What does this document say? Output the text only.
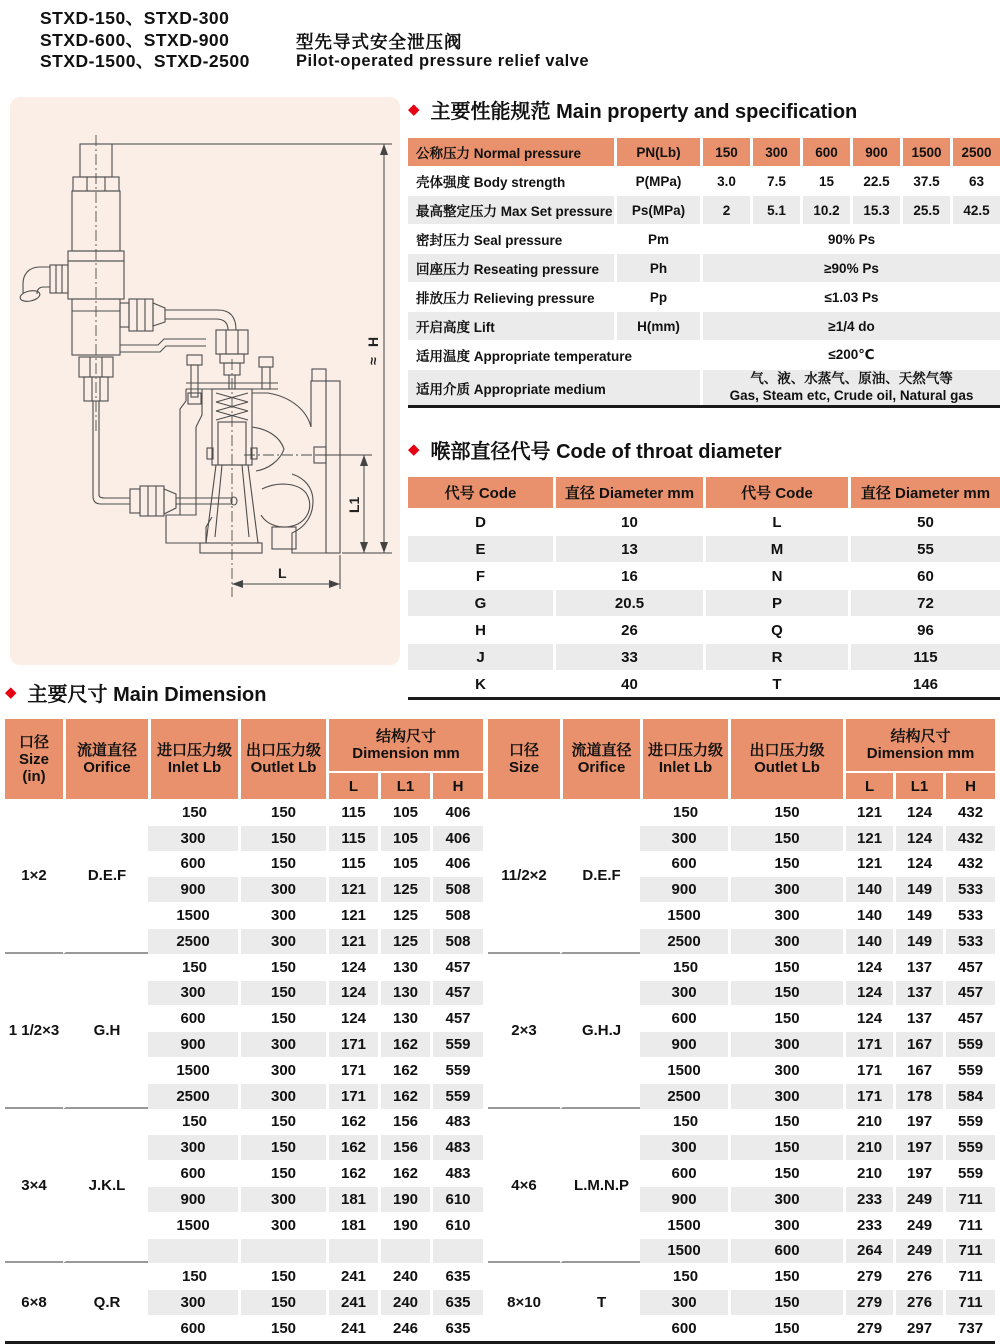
STXD-150、STXD-300
STXD-600、STXD-900
STXD-1500、STXD-2500
型先导式安全泄压阀
Pilot-operated pressure relief valve
H
≈
L1
L
◆ 主要性能规范 Main property and specification
公称压力 Normal pressure	PN(Lb)	150	300	600	900	1500	2500
壳体强度 Body strength	P(MPa)	3.0	7.5	15	22.5	37.5	63
最高整定压力 Max Set pressure	Ps(MPa)	2	5.1	10.2	15.3	25.5	42.5
密封压力 Seal pressure	Pm	90% Ps					
回座压力 Reseating pressure	Ph	≥90% Ps					
排放压力 Relieving pressure	Pp	≤1.03 Ps					
开启高度 Lift	H(mm)	≥1/4 do					
适用温度 Appropriate temperature		≤200℃					
适用介质 Appropriate medium		气、液、水蒸气、原油、天然气等
Gas, Steam etc, Crude oil, Natural gas					
◆ 喉部直径代号 Code of throat diameter
代号 Code	直径 Diameter mm	代号 Code	直径 Diameter mm
D	10	L	50
E	13	M	55
F	16	N	60
G	20.5	P	72
H	26	Q	96
J	33	R	115
K	40	T	146
◆ 主要尺寸 Main Dimension
口径
Size
(in)

流道直径
Orifice

进口压力级
Inlet Lb

出口压力级
Outlet Lb

结构尺寸
Dimension mm

				L	L1	H
1×2	D.E.F	150	150	115	105	406
		300	150	115	105	406
		600	150	115	105	406
		900	300	121	125	508
		1500	300	121	125	508
		2500	300	121	125	508
1 1/2×3	G.H	150	150	124	130	457
		300	150	124	130	457
		600	150	124	130	457
		900	300	171	162	559
		1500	300	171	162	559
		2500	300	171	162	559
3×4	J.K.L	150	150	162	156	483
		300	150	162	156	483
		600	150	162	162	483
		900	300	181	190	610
		1500	300	181	190	610

6×8	Q.R	150	150	241	240	635
		300	150	241	240	635
		600	150	241	246	635
口径
Size

流道直径
Orifice

进口压力级
Inlet Lb

出口压力级
Outlet Lb

结构尺寸
Dimension mm

				L	L1	H
11/2×2	D.E.F	150	150	121	124	432
		300	150	121	124	432
		600	150	121	124	432
		900	300	140	149	533
		1500	300	140	149	533
		2500	300	140	149	533
2×3	G.H.J	150	150	124	137	457
		300	150	124	137	457
		600	150	124	137	457
		900	300	171	167	559
		1500	300	171	167	559
		2500	300	171	178	584
4×6	L.M.N.P	150	150	210	197	559
		300	150	210	197	559
		600	150	210	197	559
		900	300	233	249	711
		1500	300	233	249	711
		1500	600	264	249	711
8×10	T	150	150	279	276	711
		300	150	279	276	711
		600	150	279	297	737
